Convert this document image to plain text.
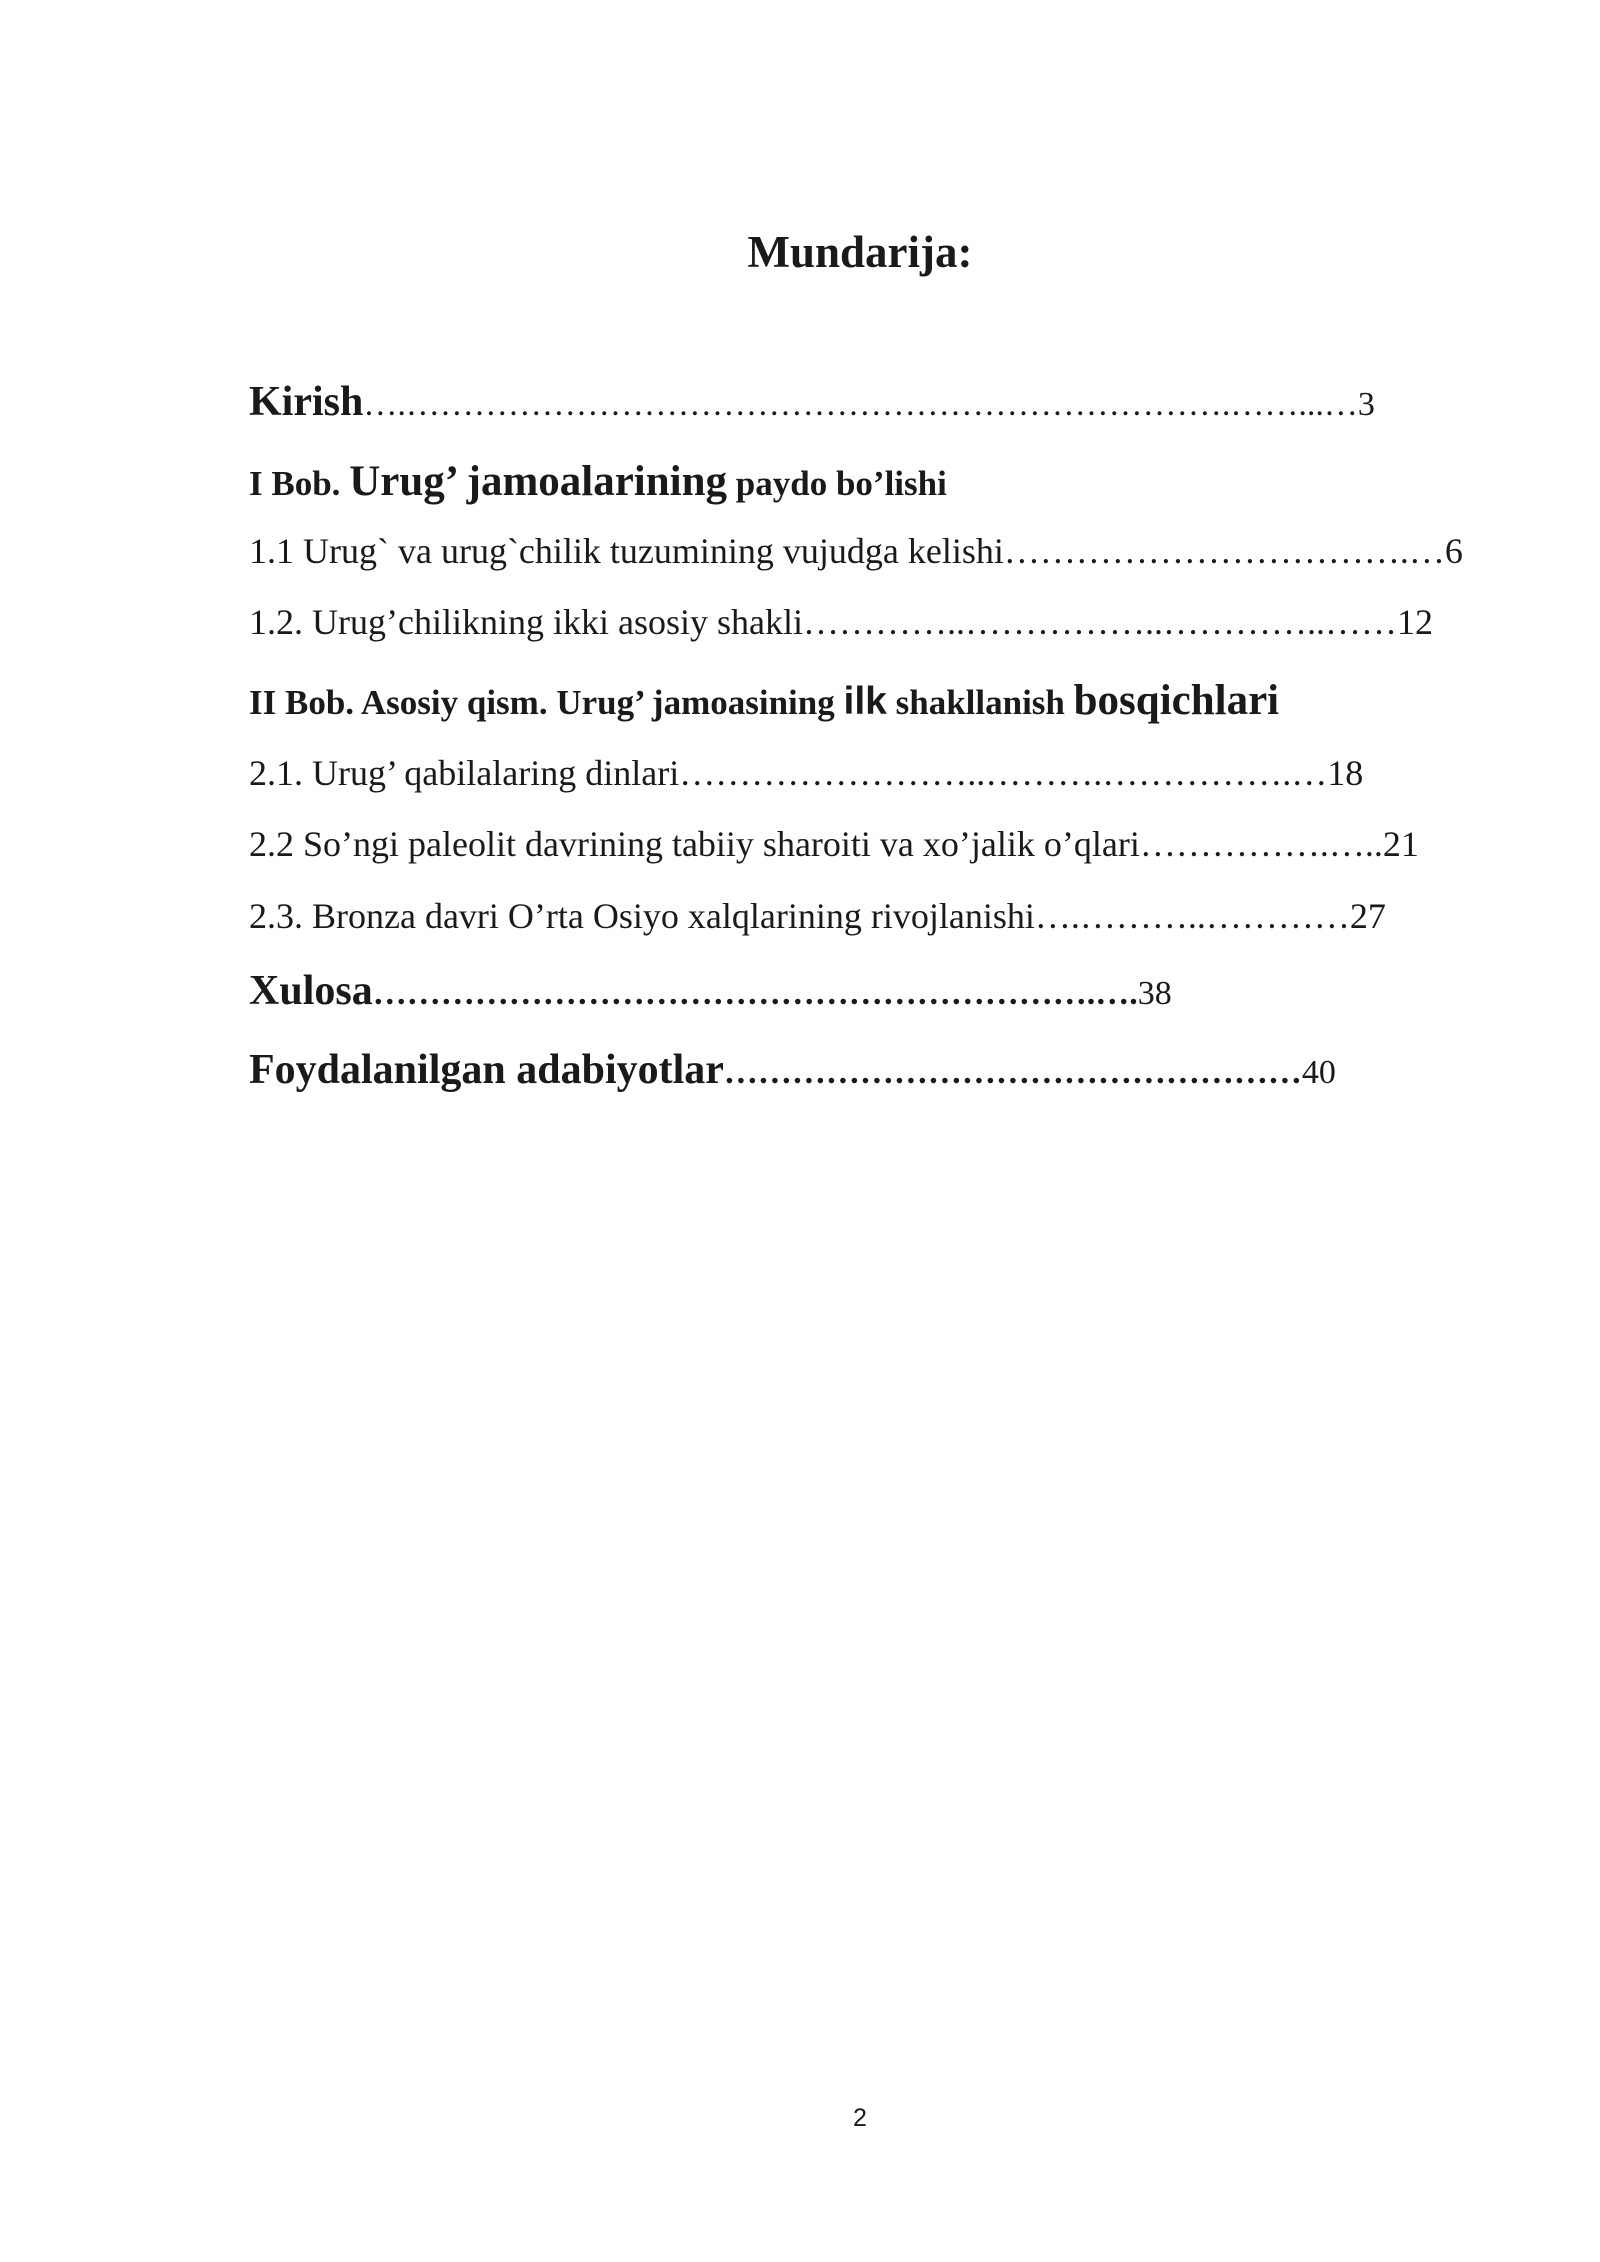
Mundarija:
Kirish ….……………………………………………………………….……...… 3
I Bob.
Urug’ jamoalarining
paydo bo’lishi
1.1 Urug` va urug`chilik tuzumining vujudga kelishi …………………………….… 6
1.2. Urug’chilikning ikki asosiy shakli …………..……………..…………..…… 12
II Bob. Asosiy qism. Urug’ jamoasining
ilk
shakllanish
bosqichlari
2.1. Urug’ qabilalaring dinlari ……………………..……….…………….… 18
2.2 So’ngi paleolit davrining tabiiy sharoiti va xo’jalik o’qlari …………….….. 21
2.3. Bronza davri O’rta Osiyo xalqlarining rivojlanishi ….………..………… 27
Xulosa ……………………………………………………….…. 38
Foydalanilgan adabiyotlar …………………………………………… 40
2
